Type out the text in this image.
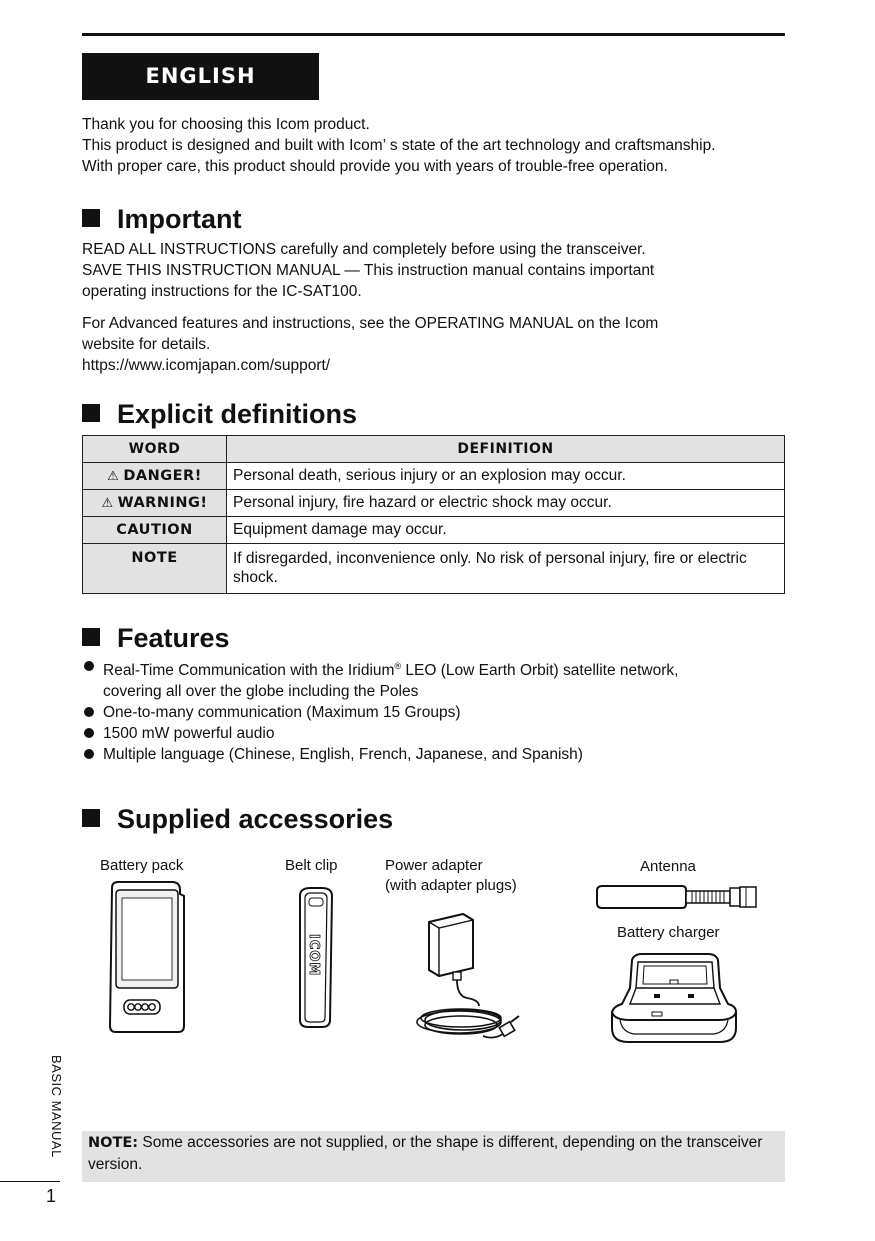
ENGLISH

Thank you for choosing this Icom product.

This product is designed and built with Icom’ s state of the art technology and craftsmanship.

With proper care, this product should provide you with years of trouble-free operation.

Important

READ ALL INSTRUCTIONS carefully and completely before using the transceiver.

SAVE THIS INSTRUCTION MANUAL — This instruction manual contains important

operating instructions for the IC-SAT100.

For Advanced features and instructions, see the OPERATING MANUAL on the Icom

website for details.

https://www.icomjapan.com/support/

Explicit definitions
WORD	DEFINITION
⚠ DANGER!	Personal death, serious injury or an explosion may occur.
⚠ WARNING!	Personal injury, fire hazard or electric shock may occur.
CAUTION	Equipment damage may occur.
NOTE	If disregarded, inconvenience only. No risk of personal injury, fire or electric shock.
Features
Real-Time Communication with the Iridium® LEO (Low Earth Orbit) satellite network,
covering all over the globe including the Poles
One-to-many communication (Maximum 15 Groups)
1500 mW powerful audio
Multiple language (Chinese, English, French, Japanese, and Spanish)
Supplied accessories
Battery pack	Belt clip	Power adapter
(with adapter plugs)
Antenna
Battery charger
ICOM
NOTE: Some accessories are not supplied, or the shape is different, depending on the transceiver version.
BASIC MANUAL
1
